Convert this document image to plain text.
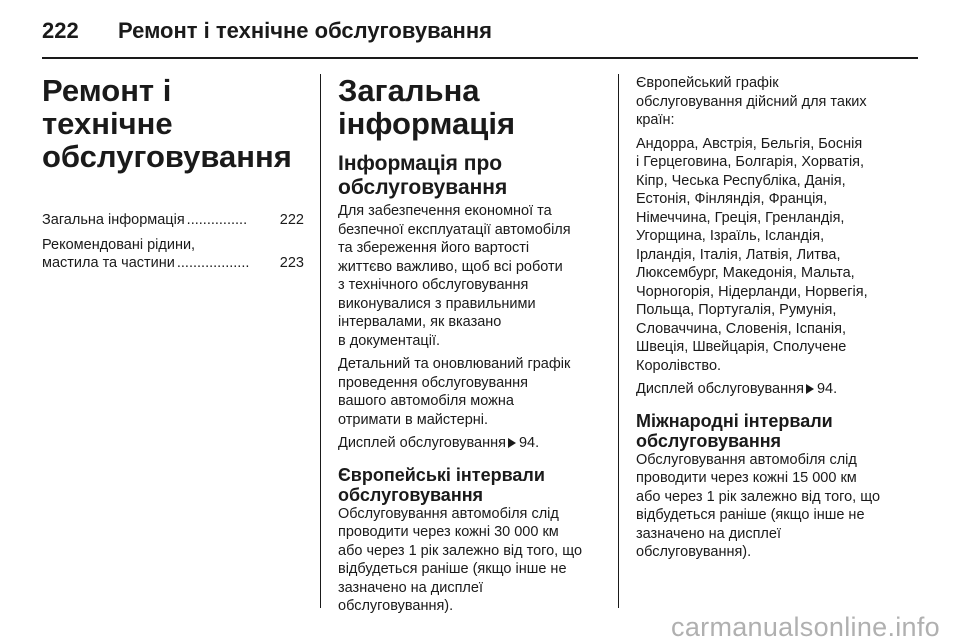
222 Ремонт і технічне обслуговування
Ремонт і технічне
обслуговування
Загальна інформація ...............	222
Рекомендовані рідини,
мастила та частини ..................	223
Загальна інформація
Інформація про
обслуговування

Для забезпечення економної та
безпечної експлуатації автомобіля
та збереження його вартості
життєво важливо, щоб всі роботи
з технічного обслуговування
виконувалися з правильними
інтервалами, як вказано
в документації.

Детальний та оновлюваний графік
проведення обслуговування
вашого автомобіля можна
отримати в майстерні.

Дисплей обслуговування 94.

Європейські інтервали
обслуговування

Обслуговування автомобіля слід
проводити через кожні 30 000 км
або через 1 рік залежно від того, що
відбудеться раніше (якщо інше не
зазначено на дисплеї
обслуговування).

Європейський графік
обслуговування дійсний для таких
країн:

Андорра, Австрія, Бельгія, Боснія
і Герцеговина, Болгарія, Хорватія,
Кіпр, Чеська Республіка, Данія,
Естонія, Фінляндія, Франція,
Німеччина, Греція, Гренландія,
Угорщина, Ізраїль, Ісландія,
Ірландія, Італія, Латвія, Литва,
Люксембург, Македонія, Мальта,
Чорногорія, Нідерланди, Норвегія,
Польща, Португалія, Румунія,
Словаччина, Словенія, Іспанія,
Швеція, Швейцарія, Сполучене
Королівство.

Дисплей обслуговування 94.

Міжнародні інтервали
обслуговування

Обслуговування автомобіля слід
проводити через кожні 15 000 км
або через 1 рік залежно від того, що
відбудеться раніше (якщо інше не
зазначено на дисплеї
обслуговування).

carmanualsonline.info
